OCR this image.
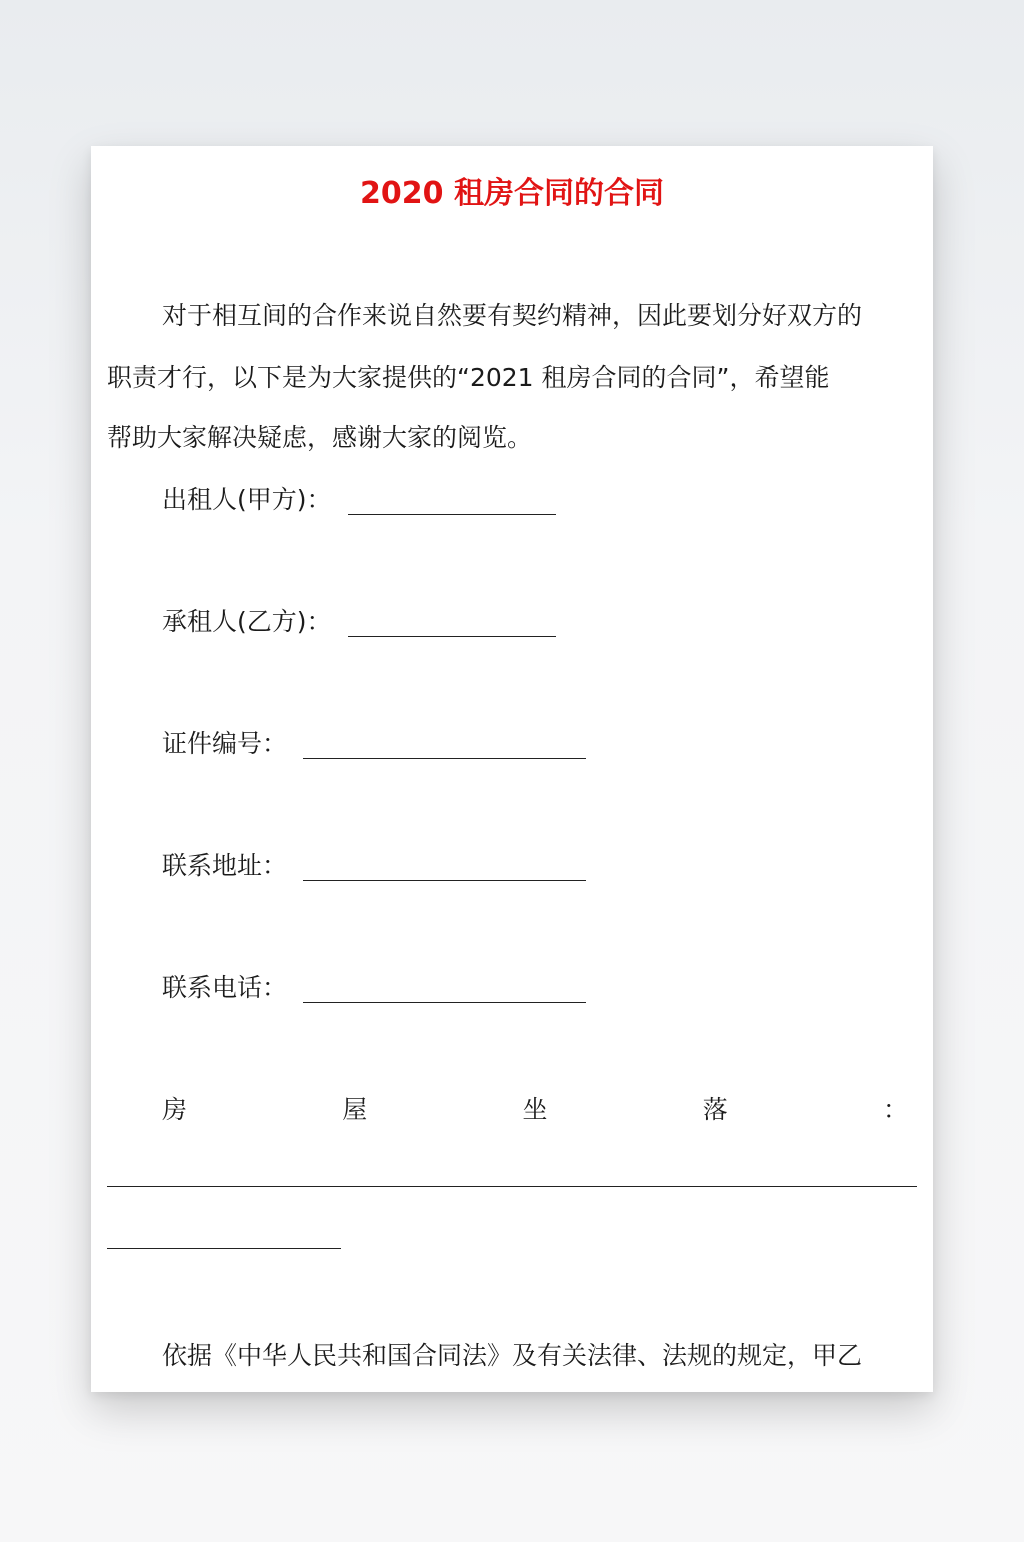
2020 租房合同的合同
对于相互间的合作来说自然要有契约精神，因此要划分好双方的
职责才行，以下是为大家提供的“2021 租房合同的合同”，希望能
帮助大家解决疑虑，感谢大家的阅览。
出租人(甲方)：
承租人(乙方)：
证件编号：
联系地址：
联系电话：
房	屋	坐	落	：
依据《中华人民共和国合同法》及有关法律、法规的规定，甲乙
